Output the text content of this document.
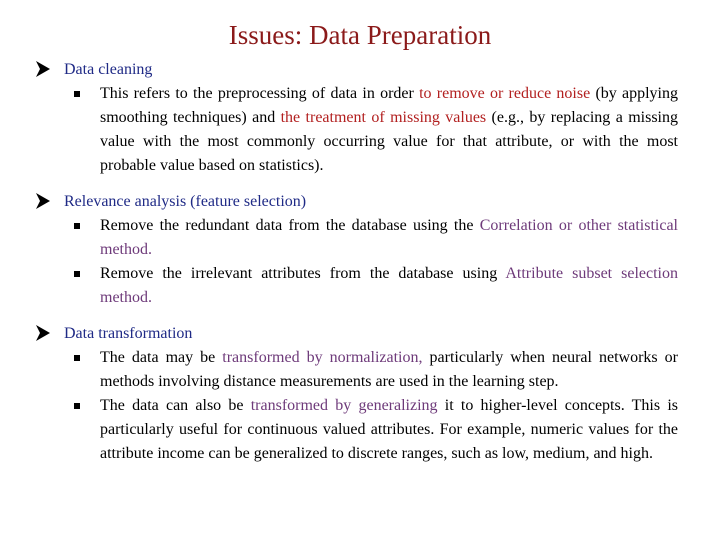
Issues: Data Preparation
Data cleaning
This refers to the preprocessing of data in order to remove or reduce noise (by applying smoothing techniques) and the treatment of missing values (e.g., by replacing a missing value with the most commonly occurring value for that attribute, or with the most probable value based on statistics).
Relevance analysis (feature selection)
Remove the redundant data from the database using the Correlation or other statistical method.
Remove the irrelevant attributes from the database using Attribute subset selection method.
Data transformation
The data may be transformed by normalization, particularly when neural networks or methods involving distance measurements are used in the learning step.
The data can also be transformed by generalizing it to higher-level concepts. This is particularly useful for continuous valued attributes. For example, numeric values for the attribute income can be generalized to discrete ranges, such as low, medium, and high.
